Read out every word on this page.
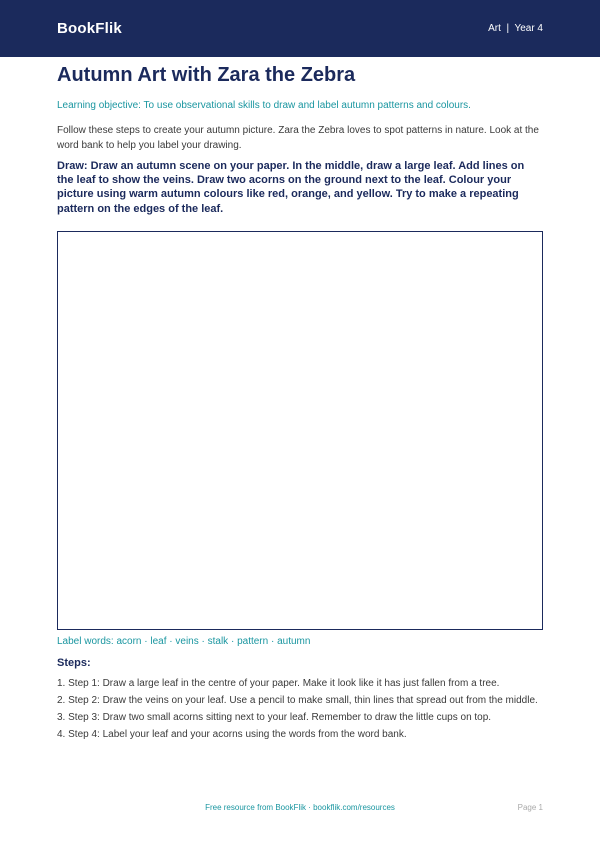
BookFlik	Art  |  Year 4
Autumn Art with Zara the Zebra
Learning objective: To use observational skills to draw and label autumn patterns and colours.
Follow these steps to create your autumn picture. Zara the Zebra loves to spot patterns in nature. Look at the word bank to help you label your drawing.
Draw: Draw an autumn scene on your paper. In the middle, draw a large leaf. Add lines on the leaf to show the veins. Draw two acorns on the ground next to the leaf. Colour your picture using warm autumn colours like red, orange, and yellow. Try to make a repeating pattern on the edges of the leaf.
Label words: acorn · leaf · veins · stalk · pattern · autumn
Steps:
1. Step 1: Draw a large leaf in the centre of your paper. Make it look like it has just fallen from a tree.
2. Step 2: Draw the veins on your leaf. Use a pencil to make small, thin lines that spread out from the middle.
3. Step 3: Draw two small acorns sitting next to your leaf. Remember to draw the little cups on top.
4. Step 4: Label your leaf and your acorns using the words from the word bank.
Free resource from BookFlik · bookflik.com/resources	Page 1
